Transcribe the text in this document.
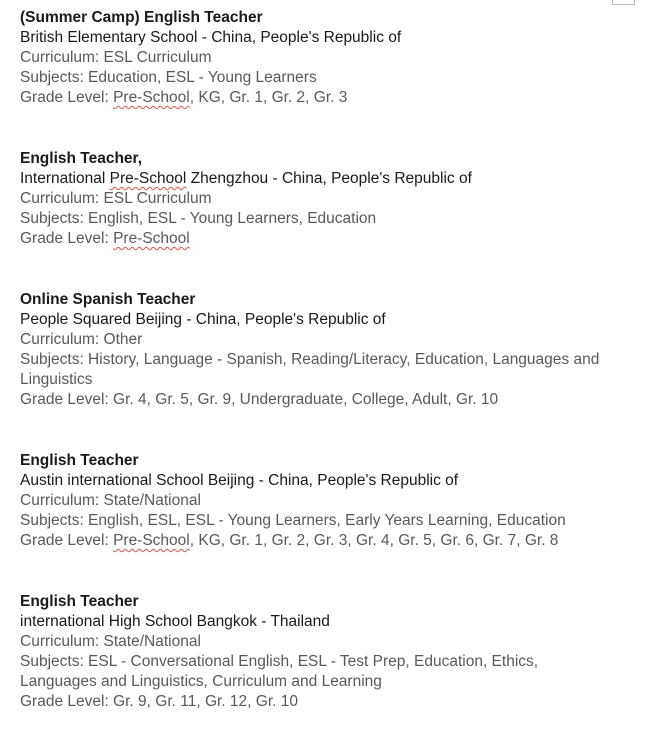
(Summer Camp) English Teacher
British Elementary School - China, People's Republic of
Curriculum: ESL Curriculum
Subjects: Education, ESL - Young Learners
Grade Level: Pre-School, KG, Gr. 1, Gr. 2, Gr. 3
English Teacher,
International Pre-School Zhengzhou - China, People's Republic of
Curriculum: ESL Curriculum
Subjects: English, ESL - Young Learners, Education
Grade Level: Pre-School
Online Spanish Teacher
People Squared Beijing - China, People's Republic of
Curriculum: Other
Subjects: History, Language - Spanish, Reading/Literacy, Education, Languages and Linguistics
Grade Level: Gr. 4, Gr. 5, Gr. 9, Undergraduate, College, Adult, Gr. 10
English Teacher
Austin international School Beijing - China, People's Republic of
Curriculum: State/National
Subjects: English, ESL, ESL - Young Learners, Early Years Learning, Education
Grade Level: Pre-School, KG, Gr. 1, Gr. 2, Gr. 3, Gr. 4, Gr. 5, Gr. 6, Gr. 7, Gr. 8
English Teacher
international High School Bangkok - Thailand
Curriculum: State/National
Subjects: ESL - Conversational English, ESL - Test Prep, Education, Ethics, Languages and Linguistics, Curriculum and Learning
Grade Level: Gr. 9, Gr. 11, Gr. 12, Gr. 10
